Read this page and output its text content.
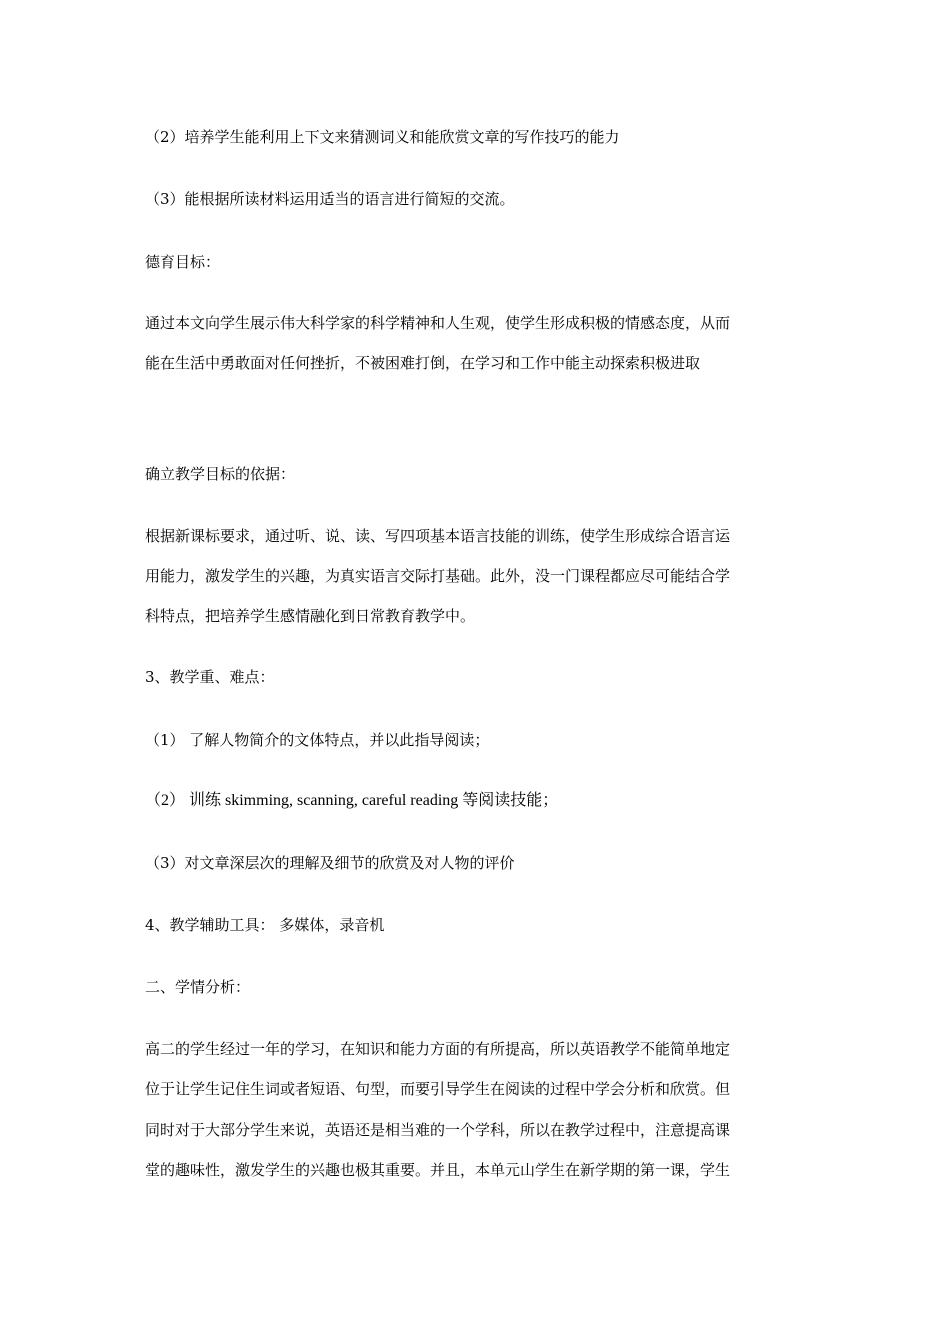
（2）培养学生能利用上下文来猜测词义和能欣赏文章的写作技巧的能力
（3）能根据所读材料运用适当的语言进行简短的交流。
德育目标：
通过本文向学生展示伟大科学家的科学精神和人生观，使学生形成积极的情感态度，从而
能在生活中勇敢面对任何挫折，不被困难打倒，在学习和工作中能主动探索积极进取
确立教学目标的依据：
根据新课标要求，通过听、说、读、写四项基本语言技能的训练，使学生形成综合语言运
用能力，激发学生的兴趣，为真实语言交际打基础。此外，没一门课程都应尽可能结合学
科特点，把培养学生感情融化到日常教育教学中。
3、教学重、难点：
（1） 了解人物简介的文体特点，并以此指导阅读；
（2） 训练 skimming, scanning, careful reading 等阅读技能；
（3）对文章深层次的理解及细节的欣赏及对人物的评价
4、教学辅助工具： 多媒体，录音机
二、学情分析：
高二的学生经过一年的学习，在知识和能力方面的有所提高，所以英语教学不能简单地定
位于让学生记住生词或者短语、句型，而要引导学生在阅读的过程中学会分析和欣赏。但
同时对于大部分学生来说，英语还是相当难的一个学科，所以在教学过程中，注意提高课
堂的趣味性，激发学生的兴趣也极其重要。并且，本单元山学生在新学期的第一课，学生
